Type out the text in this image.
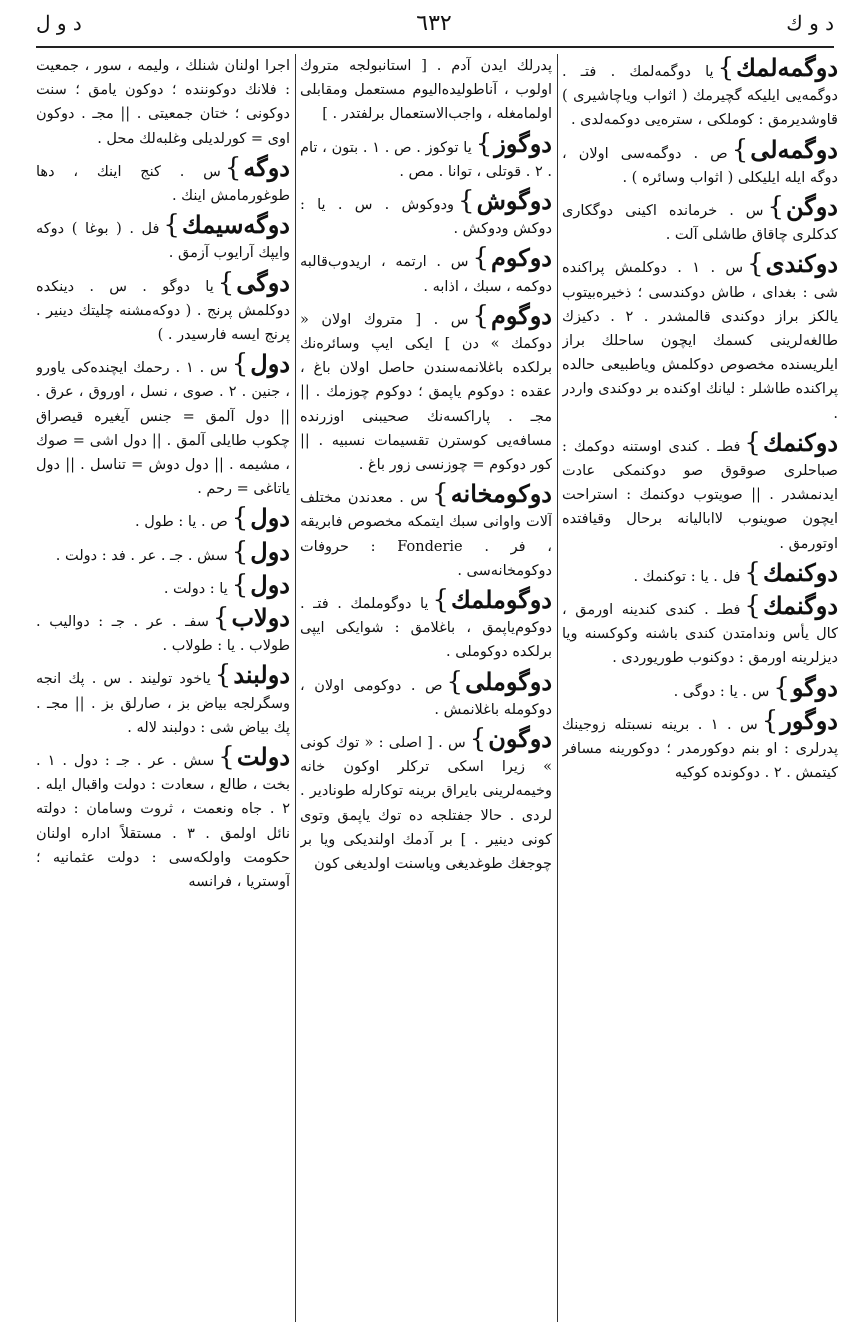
د و ك
٦٣٢
د و ل
دوگمه‌لمك}يا دوگمه‌لمك . فتـ . دوگمه‌يى ايليكه گچيرمك ( اثواب وياچاشيرى ) قاوشديرمق : كوملكى ، ستره‌يى دوكمه‌لدى .
دوگمه‌لى}ص . دوگمه‌سى اولان ، دوگه ايله ايليكلى ( اثواب وسائره ) .
دوگن}س . خرمانده اكينى دوگكارى كدكلرى چاقاق طاشلى آلت .
دوكندى}س . ١ . دوكلمش پراكنده شى : بغداى ، طاش دوكندسى ؛ ذخيره‌بيتوب يالكز براز دوكندى قالمشدر . ٢ . دكيزك طالغه‌لرينى كسمك ايچون ساحلك براز ايلريسنده مخصوص دوكلمش وياطبيعى حالده پراكنده طاشلر : ليانك اوكنده بر دوكندى واردر .
دوكنمك}فطـ . كندى اوستنه دوكمك : صباحلرى صوقوق صو دوكنمكى عادت ايدنمشدر . || صويتوب دوكنمك : استراحت ايچون صوينوب لااباليانه برحال وقيافتده اوتورمق .
دوكنمك}فل . يا : توكنمك .
دوگنمك}فطـ . كندى كندينه اورمق ، كال يأس وندامتدن كندى باشنه وكوكسنه ويا ديزلرينه اورمق : دوكنوب طوريوردى .
دوگو}س . يا : دوگى .
دوگور}س . ١ . برينه نسبتله زوجينك پدرلرى : او بنم دوكورمدر ؛ دوكورينه مسافر كيتمش . ٢ . دوكونده كوكيه
پدرلك ايدن آدم . [ استانبولجه متروك اولوب ، آناطوليده‌اليوم مستعمل ومقابلى اولمامغله ، واجب‌الاستعمال برلفتدر . ]
دوگوز}يا توكوز . ص . ١ . بتون ، تام . ٢ . قوتلى ، توانا . مص .
دوگوش}ودوكوش . س . يا : دوكش ودوكش .
دوكوم}س . ارتمه ، اريدوب‌قالبه دوكمه ، سبك ، اذابه .
دوگوم}س . [ متروك اولان « دوكمك » دن ] ايكى ايپ وسائره‌نك برلكده باغلانمه‌سندن حاصل اولان باغ ، عقده : دوكوم ياپمق ؛ دوكوم چوزمك . || مجـ . پاراكسه‌نك صحيبنى اوزرنده مسافه‌يى كوسترن تقسيمات نسبيه . || كور دوكوم = چوزنسى زور باغ .
دوكومخانه}س . معدندن مختلف آلات واوانى سبك ايتمكه مخصوص فابريقه ، فر . Fonderie : حروفات دوكومخانه‌سى .
دوگوملمك}يا دوگوملمك . فتـ . دوكوم‌ياپمق ، باغلامق : شوايكى ايپى برلكده دوكوملى .
دوگوملى}ص . دوكومى اولان ، دوكومله باغلانمش .
دوگون}س . [ اصلى : « توك كونى » زيرا اسكى تركلر اوكون خانه وخيمه‌لرينى بايراق برينه توكارله طونادير . لردى . حالا جفتلجه ده توك ياپمق وتوى كونى دينير . ] بر آدمك اولنديكى ويا بر چوجغك طوغديغى وياسنت اولديغى كون
اجرا اولنان شنلك ، وليمه ، سور ، جمعيت : فلانك دوكوننده ؛ دوكون يامق ؛ سنت دوكونى ؛ ختان جمعيتى . || مجـ . دوكون اوى = كورلديلى وغلبه‌لك محل .
دوگه}س . كنج اينك ، دها طوغورمامش اينك .
دوگه‌سيمك}فل . ( بوغا ) دوكه وايپك آرايوب آزمق .
دوگى}يا دوگو . س . دينكده دوكلمش پرنج . ( دوكه‌مشنه چليتك دينير . پرنج ايسه فارسيدر . )
دول}س . ١ . رحمك ايچنده‌كى ياورو ، جنين . ٢ . صوى ، نسل ، اوروق ، عرق . || دول آلمق = جنس آيغيره قيصراق چكوب طايلى آلمق . || دول اشى = صوك ، مشيمه . || دول دوش = تناسل . || دول ياتاغى = رحم .
دول}ص . يا : طول .
دول}سش . جـ . عر . فد : دولت .
دول}يا : دولت .
دولاب}سفـ . عر . جـ : دواليب . طولاب . يا : طولاب .
دولبند}ياخود توليند . س . پك انجه وسگرلجه بياض بز ، صارلق بز . || مجـ . پك بياض شى : دولبند لاله .
دولت}سش . عر . جـ : دول . ١ . بخت ، طالع ، سعادت : دولت واقبال ايله . ٢ . جاه ونعمت ، ثروت وسامان : دولته نائل اولمق . ٣ . مستقلاً اداره اولنان حكومت واولكه‌سى : دولت عثمانيه ؛ آوستريا ، فرانسه
